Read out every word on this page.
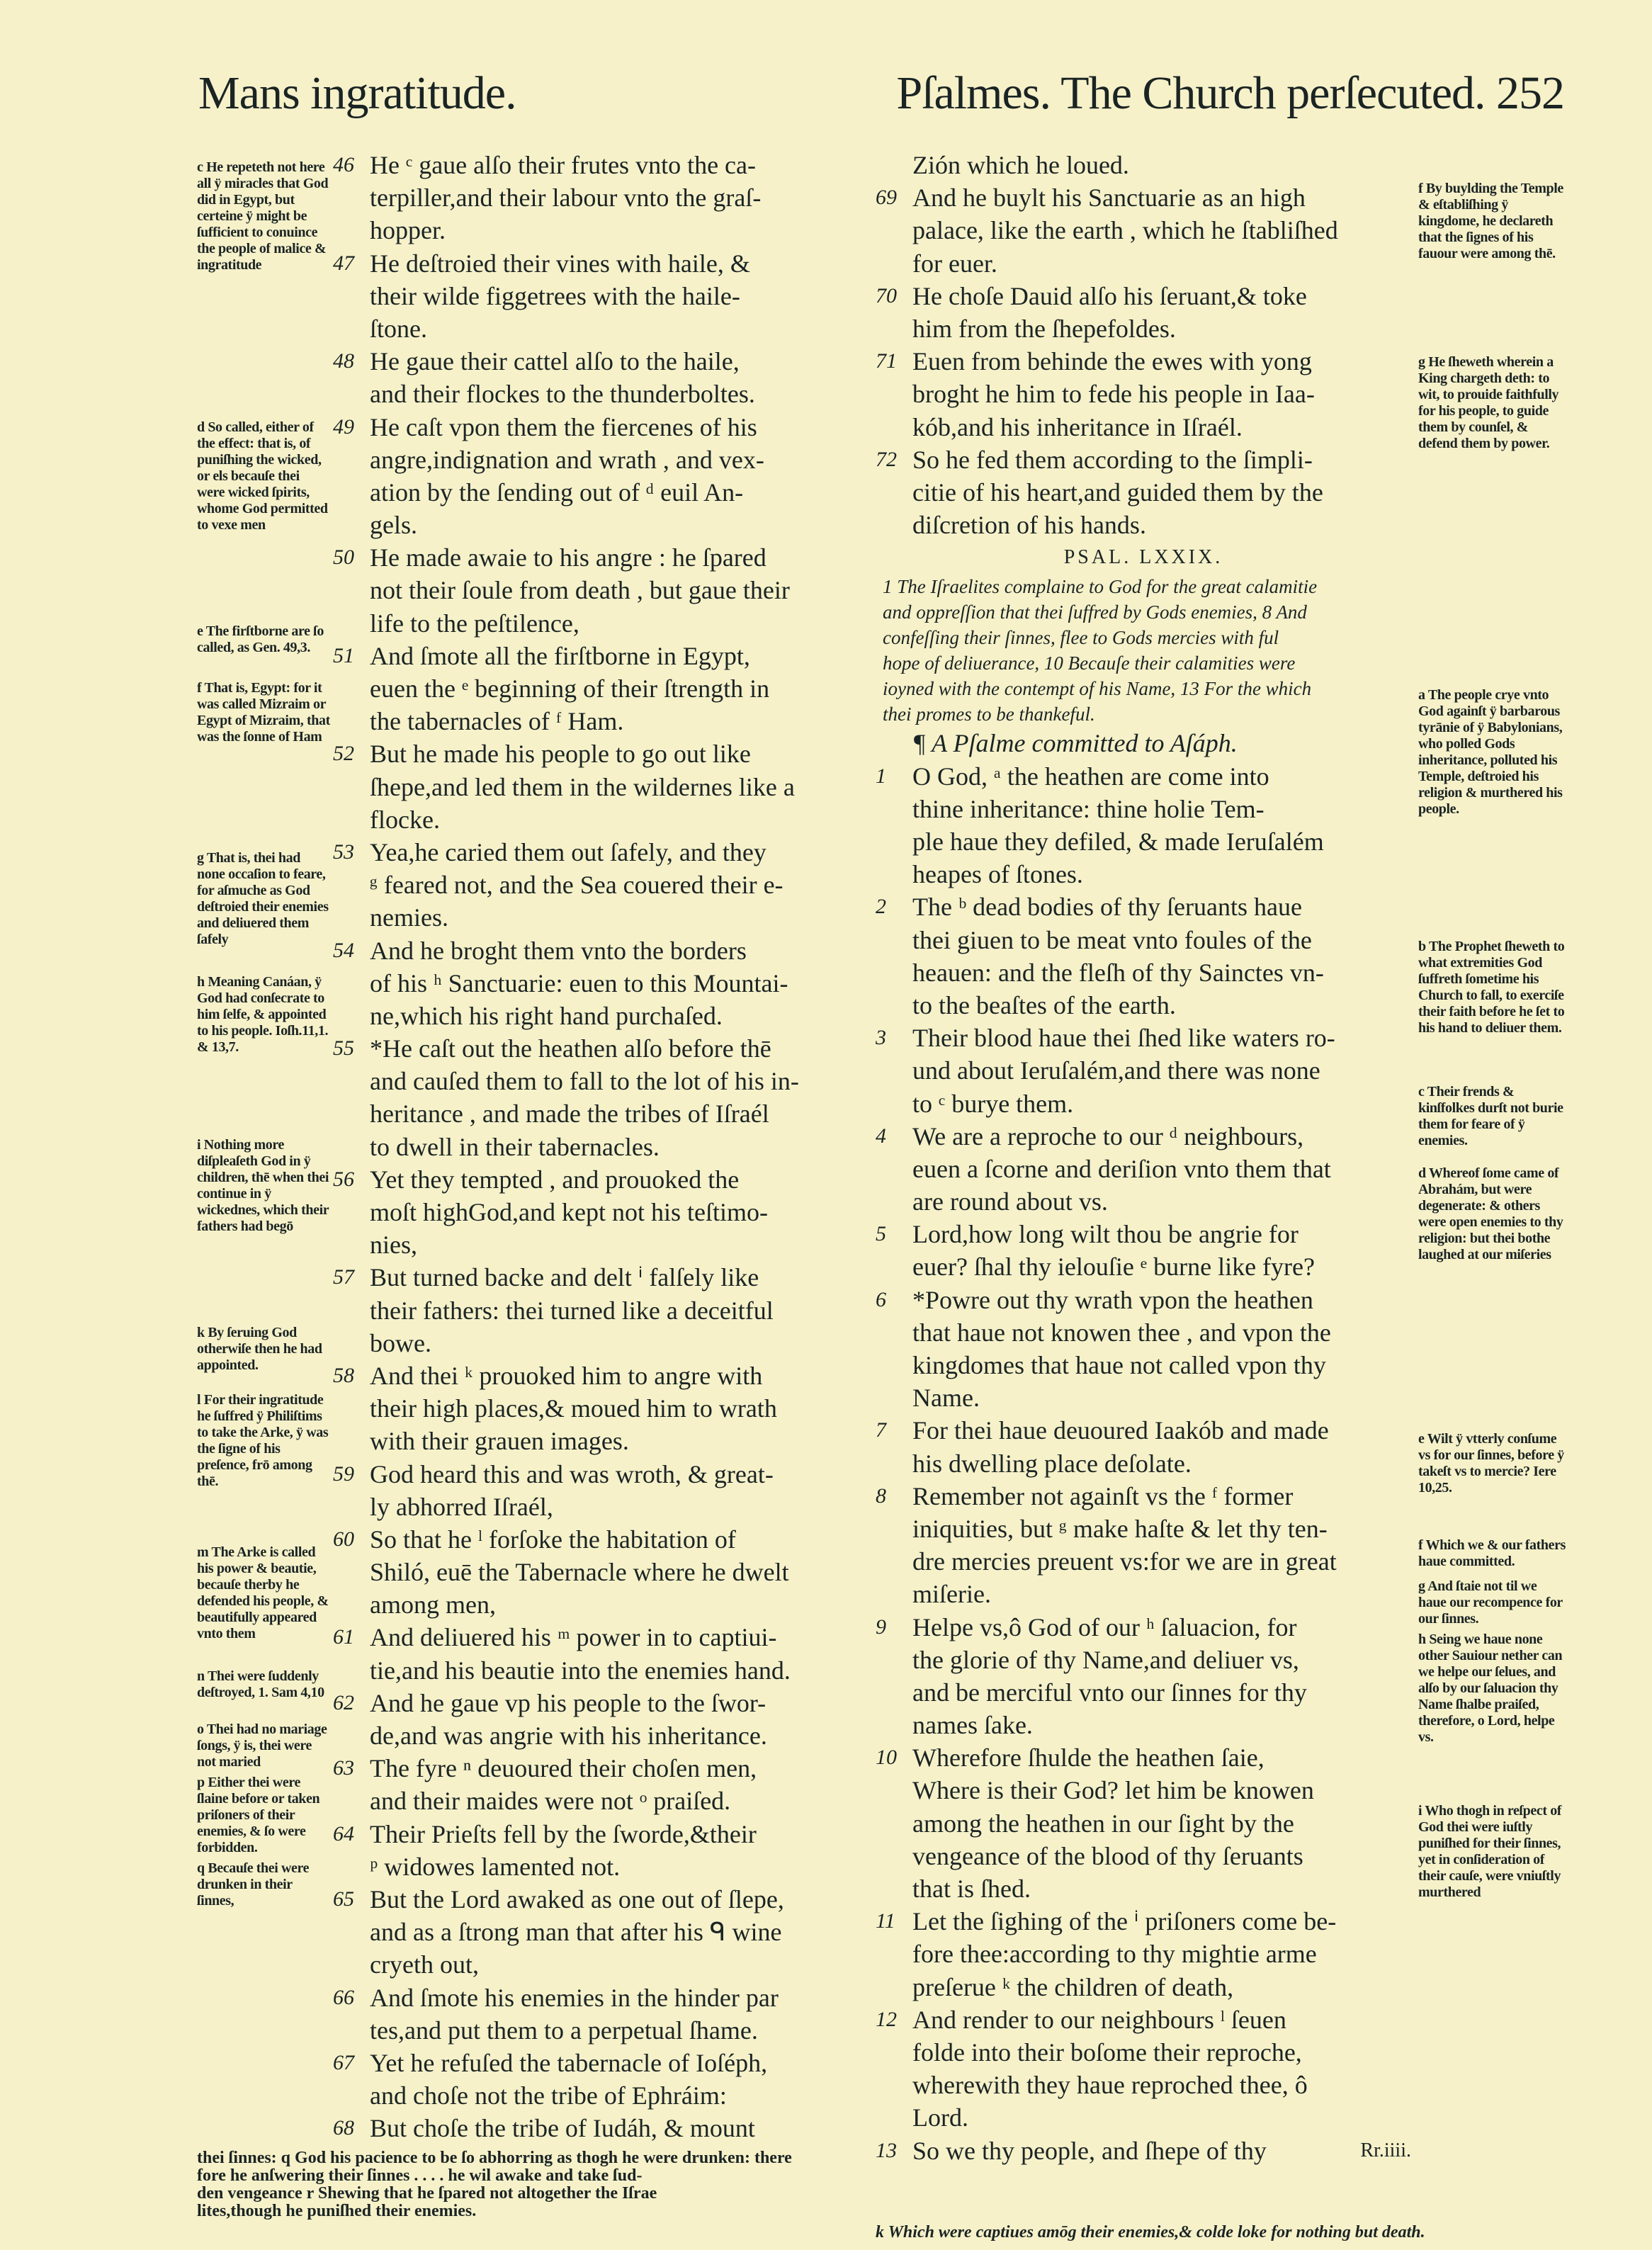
Mans ingratitude.	Pſalmes. The Church perſecuted. 252
46 He ᶜ gaue alſo their frutes vnto the ca-
terpiller,and their labour vnto the graſ-
hopper.
47 He deſtroied their vines with haile, &
their wilde figgetrees with the haile-
ſtone.
48 He gaue their cattel alſo to the haile,
and their flockes to the thunderboltes.
49 He caſt vpon them the fiercenes of his
angre,indignation and wrath , and vex-
ation by the ſending out of ᵈ euil An-
gels.
50 He made awaie to his angre : he ſpared
not their ſoule from death , but gaue their
life to the peſtilence,
51 And ſmote all the firſtborne in Egypt,
euen the ᵉ beginning of their ſtrength in
the tabernacles of ᶠ Ham.
52 But he made his people to go out like
ſhepe,and led them in the wildernes like a
flocke.
53 Yea,he caried them out ſafely, and they
ᵍ feared not, and the Sea couered their e-
nemies.
54 And he broght them vnto the borders
of his ʰ Sanctuarie: euen to this Mountai-
ne,which his right hand purchaſed.
55 *He caſt out the heathen alſo before thē
and cauſed them to fall to the lot of his in-
heritance , and made the tribes of Iſraél
to dwell in their tabernacles.
56 Yet they tempted , and prouoked the
moſt highGod,and kept not his teſtimo-
nies,
57 But turned backe and delt ⁱ falſely like
their fathers: thei turned like a deceitful
bowe.
58 And thei ᵏ prouoked him to angre with
their high places,& moued him to wrath
with their grauen images.
59 God heard this and was wroth, & great-
ly abhorred Iſraél,
60 So that he ˡ forſoke the habitation of
Shiló, euē the Tabernacle where he dwelt
among men,
61 And deliuered his ᵐ power in to captiui-
tie,and his beautie into the enemies hand.
62 And he gaue vp his people to the ſwor-
de,and was angrie with his inheritance.
63 The fyre ⁿ deuoured their choſen men,
and their maides were not ᵒ praiſed.
64 Their Prieſts fell by the ſworde,&their
ᵖ widowes lamented not.
65 But the Lord awaked as one out of ſlepe,
and as a ſtrong man that after his ᑫ wine
cryeth out,
66 And ſmote his enemies in the hinder par
tes,and put them to a perpetual ſhame.
67 Yet he refuſed the tabernacle of Ioſéph,
and choſe not the tribe of Ephráim:
68 But choſe the tribe of Iudáh, & mount
Zión which he loued.
69 And he buylt his Sanctuarie as an high
palace, like the earth , which he ſtabliſhed
for euer.
70 He choſe Dauid alſo his ſeruant,& toke
him from the ſhepefoldes.
71 Euen from behinde the ewes with yong
broght he him to fede his people in Iaa-
kób,and his inheritance in Iſraél.
72 So he fed them according to the ſimpli-
citie of his heart,and guided them by the
diſcretion of his hands.
PSAL. LXXIX.
1 The Iſraelites complaine to God for the great calamitie
and oppreſſion that thei ſuffred by Gods enemies, 8 And
confeſſing their ſinnes, flee to Gods mercies with ful
hope of deliuerance, 10 Becauſe their calamities were
ioyned with the contempt of his Name, 13 For the which
thei promes to be thankeful.
¶ A Pſalme committed to Aſáph.
1 O God, ᵃ the heathen are come into
thine inheritance: thine holie Tem-
ple haue they defiled, & made Ieruſalém
heapes of ſtones.
2 The ᵇ dead bodies of thy ſeruants haue
thei giuen to be meat vnto foules of the
heauen: and the fleſh of thy Sainctes vn-
to the beaſtes of the earth.
3 Their blood haue thei ſhed like waters ro-
und about Ieruſalém,and there was none
to ᶜ burye them.
4 We are a reproche to our ᵈ neighbours,
euen a ſcorne and deriſion vnto them that
are round about vs.
5 Lord,how long wilt thou be angrie for
euer? ſhal thy ielouſie ᵉ burne like fyre?
6 *Powre out thy wrath vpon the heathen
that haue not knowen thee , and vpon the
kingdomes that haue not called vpon thy
Name.
7 For thei haue deuoured Iaakób and made
his dwelling place deſolate.
8 Remember not againſt vs the ᶠ former
iniquities, but ᵍ make haſte & let thy ten-
dre mercies preuent vs:for we are in great
miſerie.
9 Helpe vs,ô God of our ʰ ſaluacion, for
the glorie of thy Name,and deliuer vs,
and be merciful vnto our ſinnes for thy
names ſake.
10 Wherefore ſhulde the heathen ſaie,
Where is their God? let him be knowen
among the heathen in our ſight by the
vengeance of the blood of thy ſeruants
that is ſhed.
11 Let the ſighing of the ⁱ priſoners come be-
fore thee:according to thy mightie arme
preſerue ᵏ the children of death,
12 And render to our neighbours ˡ ſeuen
folde into their boſome their reproche,
wherewith they haue reproched thee, ô
Lord.
13 So we thy people, and ſhepe of thy	Rr.iiii.
c He repeteth not here all ÿ miracles that God did in Egypt, but certeine ÿ might be ſufficient to conuince the people of malice & ingratitude
d So called, either of the effect: that is, of puniſhing the wicked, or els becauſe thei were wicked ſpirits, whome God permitted to vexe men
e The firſtborne are ſo called, as Gen. 49,3.
f That is, Egypt: for it was called Mizraim or Egypt of Mizraim, that was the ſonne of Ham
g That is, thei had none occaſion to feare, for aſmuche as God deſtroied their enemies and deliuered them ſafely
h Meaning Canáan, ÿ God had conſecrate to him ſelfe, & appointed to his people. Ioſh.11,1. & 13,7.
i Nothing more diſpleaſeth God in ÿ children, thē when thei continue in ÿ wickednes, which their fathers had begō
k By ſeruing God otherwiſe then he had appointed.
l For their ingratitude he ſuffred ÿ Philiſtims to take the Arke, ÿ was the ſigne of his preſence, frō among thē.
m The Arke is called his power & beautie, becauſe therby he defended his people, & beautifully appeared vnto them
n Thei were ſuddenly deſtroyed, 1. Sam 4,10
o Thei had no mariage ſongs, ÿ is, thei were not maried
p Either thei were ſlaine before or taken priſoners of their enemies, & ſo were forbidden.
q Becauſe thei were drunken in their ſinnes,
f By buylding the Temple & eſtabliſhing ÿ kingdome, he declareth that the ſignes of his fauour were among thē.
g He ſheweth wherein a King chargeth deth: to wit, to prouide faithfully for his people, to guide them by counſel, & defend them by power.
a The people crye vnto God againſt ÿ barbarous tyrānie of ÿ Babylonians, who polled Gods inheritance, polluted his Temple, deſtroied his religion & murthered his people.
b The Prophet ſheweth to what extremities God ſuffreth ſometime his Church to fall, to exerciſe their faith before he ſet to his hand to deliuer them.
c Their frends & kinſfolkes durſt not burie them for feare of ÿ enemies.
d Whereof ſome came of Abrahám, but were degenerate: & others were open enemies to thy religion: but thei bothe laughed at our miſeries
e Wilt ÿ vtterly conſume vs for our ſinnes, before ÿ takeſt vs to mercie? Iere 10,25.
f Which we & our fathers haue committed.
g And ſtaie not til we haue our recompence for our ſinnes.
h Seing we haue none other Sauiour nether can we helpe our ſelues, and alſo by our ſaluacion thy Name ſhalbe praiſed, therefore, o Lord, helpe vs.
i Who thogh in reſpect of God thei were iuſtly puniſhed for their ſinnes, yet in conſideration of their cauſe, were vniuſtly murthered
thei ſinnes: q God his pacience to be ſo abhorring as thogh he were drunken: there
fore he anſwering their ſinnes . . . . he wil awake and take ſud-
den vengeance r Shewing that he ſpared not altogether the Iſrae
lites,though he puniſhed their enemies.
k Which were captiues amōg their enemies,& colde loke for nothing but death.
